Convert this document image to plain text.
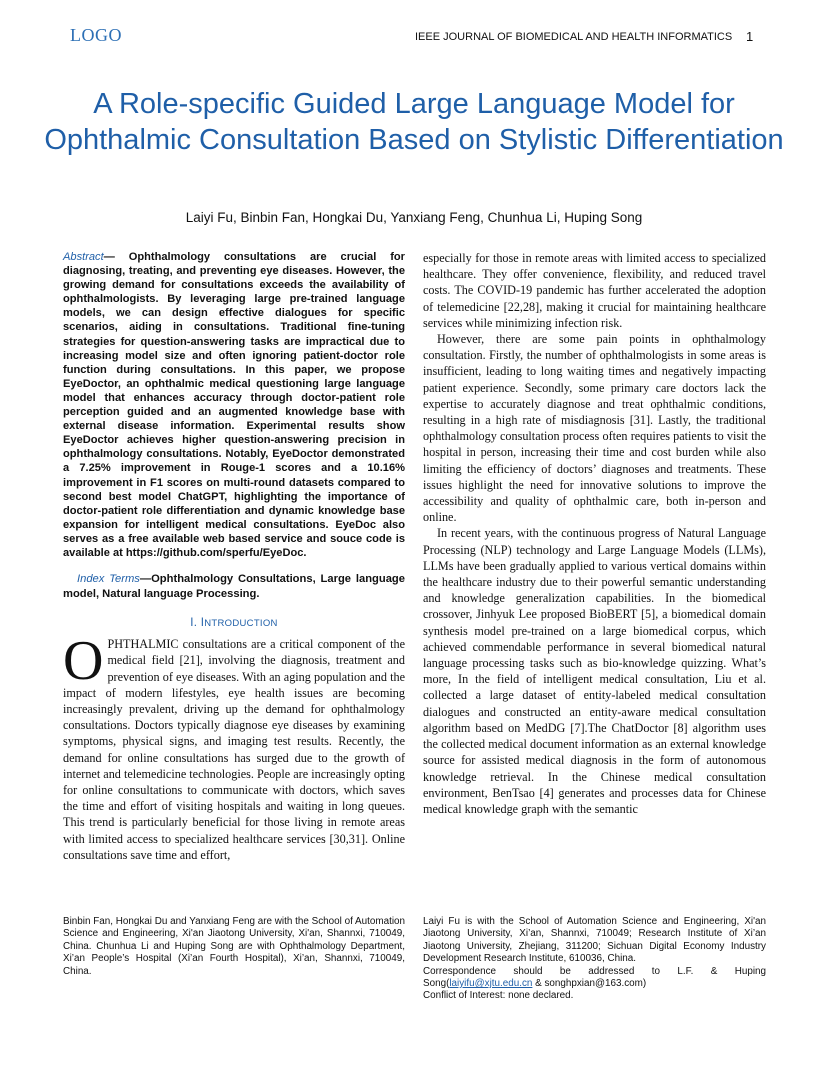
LOGO	IEEE JOURNAL OF BIOMEDICAL AND HEALTH INFORMATICS 1
A Role-specific Guided Large Language Model for Ophthalmic Consultation Based on Stylistic Differentiation
Laiyi Fu, Binbin Fan, Hongkai Du, Yanxiang Feng, Chunhua Li, Huping Song

Abstract— Ophthalmology consultations are crucial for diagnosing, treating, and preventing eye diseases. However, the growing demand for consultations exceeds the availability of ophthalmologists. By leveraging large pre-trained language models, we can design effective dialogues for specific scenarios, aiding in consultations. Traditional fine-tuning strategies for question-answering tasks are impractical due to increasing model size and often ignoring patient-doctor role function during consultations. In this paper, we propose EyeDoctor, an ophthalmic medical questioning large language model that enhances accuracy through doctor-patient role perception guided and an augmented knowledge base with external disease information. Experimental results show EyeDoctor achieves higher question-answering precision in ophthalmology consultations. Notably, EyeDoctor demonstrated a 7.25% improvement in Rouge-1 scores and a 10.16% improvement in F1 scores on multi-round datasets compared to second best model ChatGPT, highlighting the importance of doctor-patient role differentiation and dynamic knowledge base expansion for intelligent medical consultations. EyeDoc also serves as a free available web based service and souce code is available at https://github.com/sperfu/EyeDoc.

Index Terms—Ophthalmology Consultations, Large language model, Natural language Processing.

I. INTRODUCTION

OPHTHALMIC consultations are a critical component of the medical field [21], involving the diagnosis, treatment and prevention of eye diseases. With an aging population and the impact of modern lifestyles, eye health issues are becoming increasingly prevalent, driving up the demand for ophthalmology consultations. Doctors typically diagnose eye diseases by examining symptoms, physical signs, and imaging test results. Recently, the demand for online consultations has surged due to the growth of internet and telemedicine technologies. People are increasingly opting for online consultations to communicate with doctors, which saves the time and effort of visiting hospitals and waiting in long queues. This trend is particularly beneficial for those living in remote areas with limited access to specialized healthcare services [30,31]. Online consultations save time and effort,

especially for those in remote areas with limited access to specialized healthcare. They offer convenience, flexibility, and reduced travel costs. The COVID-19 pandemic has further accelerated the adoption of telemedicine [22,28], making it crucial for maintaining healthcare services while minimizing infection risk.

However, there are some pain points in ophthalmology consultation. Firstly, the number of ophthalmologists in some areas is insufficient, leading to long waiting times and negatively impacting patient experience. Secondly, some primary care doctors lack the expertise to accurately diagnose and treat ophthalmic conditions, resulting in a high rate of misdiagnosis [31]. Lastly, the traditional ophthalmology consultation process often requires patients to visit the hospital in person, increasing their time and cost burden while also limiting the efficiency of doctors’ diagnoses and treatments. These issues highlight the need for innovative solutions to improve the accessibility and quality of ophthalmic care, both in-person and online.

In recent years, with the continuous progress of Natural Language Processing (NLP) technology and Large Language Models (LLMs), LLMs have been gradually applied to various vertical domains within the healthcare industry due to their powerful semantic understanding and knowledge generalization capabilities. In the biomedical crossover, Jinhyuk Lee proposed BioBERT [5], a biomedical domain synthesis model pre-trained on a large biomedical corpus, which achieved commendable performance in several biomedical natural language processing tasks such as bio-knowledge quizzing. What’s more, In the field of intelligent medical consultation, Liu et al. collected a large dataset of entity-labeled medical consultation dialogues and constructed an entity-aware medical consultation algorithm based on MedDG [7].The ChatDoctor [8] algorithm uses the collected medical document information as an external knowledge source for assisted medical diagnosis in the form of autonomous knowledge retrieval. In the Chinese medical consultation environment, BenTsao [4] generates and processes data for Chinese medical knowledge graph with the semantic

Binbin Fan, Hongkai Du and Yanxiang Feng are with the School of Automation Science and Engineering, Xi'an Jiaotong University, Xi'an, Shannxi, 710049, China. Chunhua Li and Huping Song are with Ophthalmology Department, Xi’an People’s Hospital (Xi’an Fourth Hospital), Xi’an, Shannxi, 710049, China.

Laiyi Fu is with the School of Automation Science and Engineering, Xi'an Jiaotong University, Xi’an, Shannxi, 710049; Research Institute of Xi’an Jiaotong University, Zhejiang, 311200; Sichuan Digital Economy Industry Development Research Institute, 610036, China.

Correspondence should be addressed to L.F. & Huping Song(laiyifu@xjtu.edu.cn & songhpxian@163.com)

Conflict of Interest: none declared.
